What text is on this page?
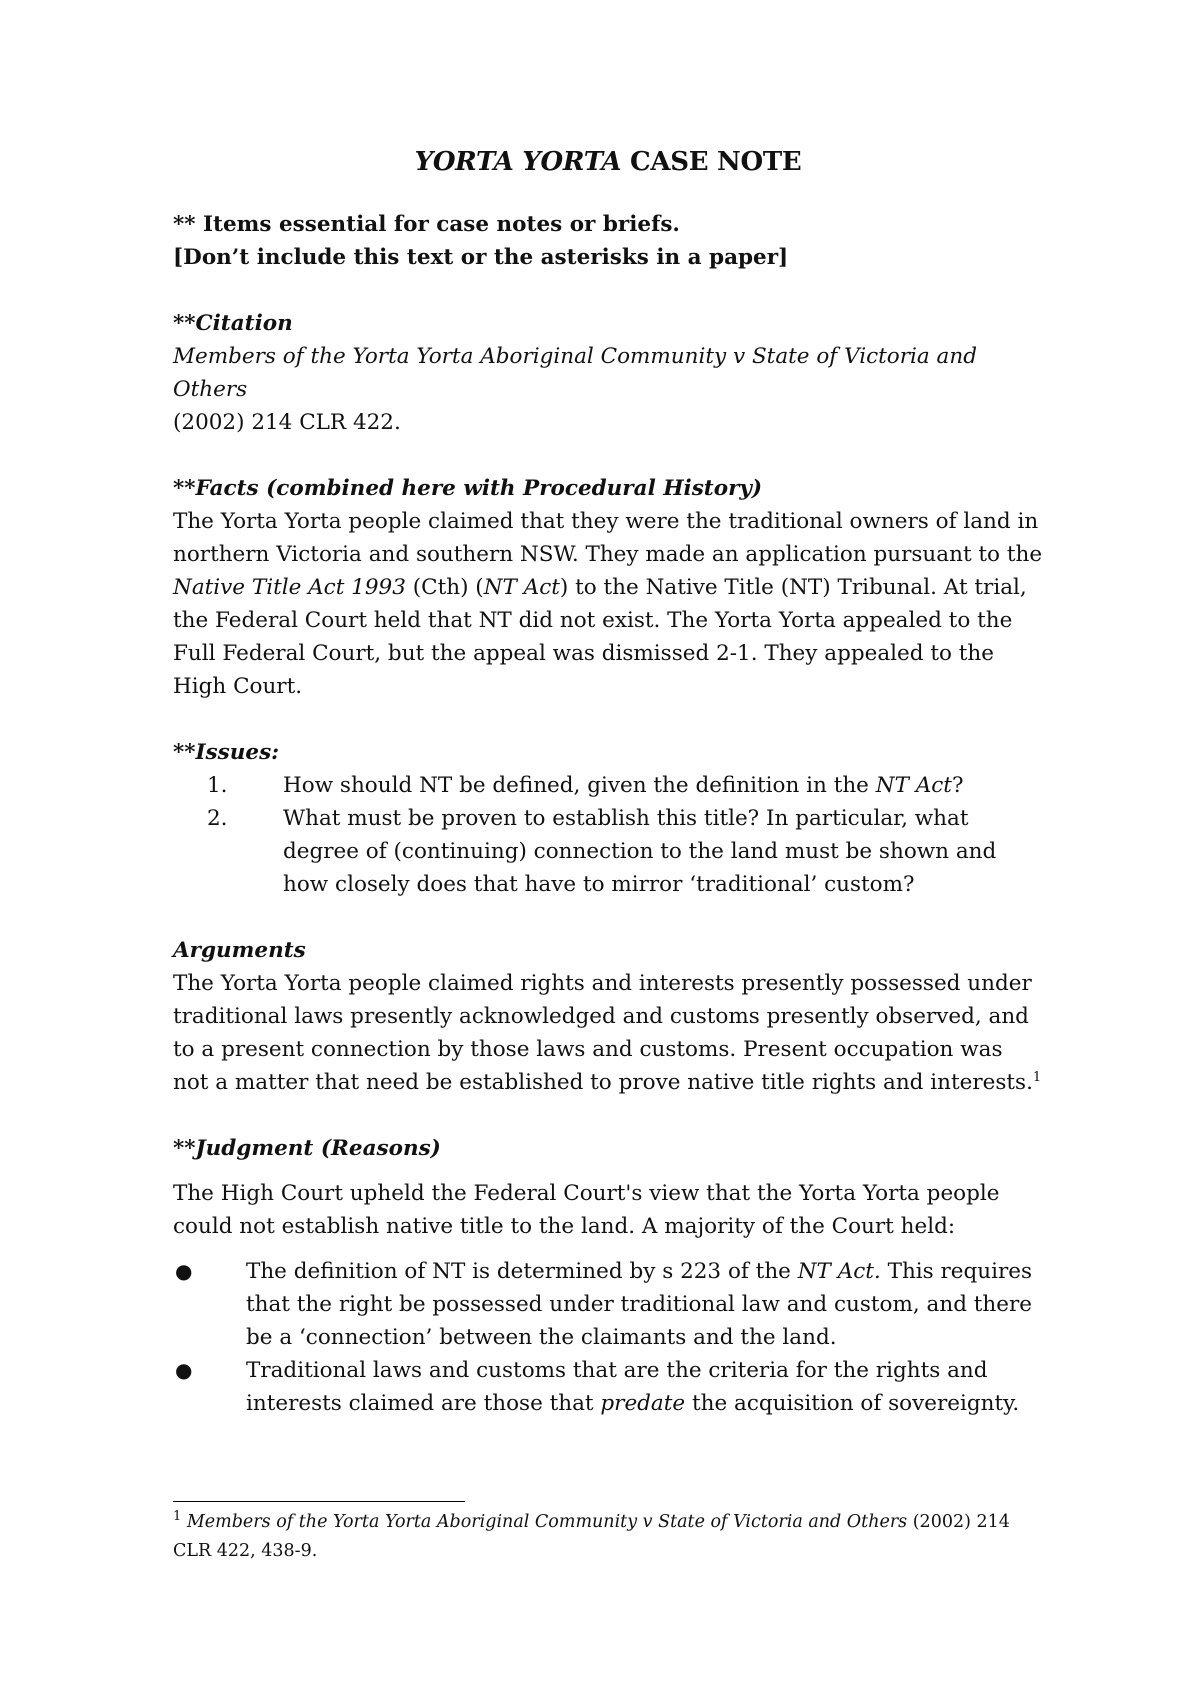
YORTA YORTA CASE NOTE
** Items essential for case notes or briefs.
[Don’t include this text or the asterisks in a paper]
**Citation
Members of the Yorta Yorta Aboriginal Community v State of Victoria and Others
(2002) 214 CLR 422.
**Facts (combined here with Procedural History)
The Yorta Yorta people claimed that they were the traditional owners of land in northern Victoria and southern NSW. They made an application pursuant to the Native Title Act 1993 (Cth) (NT Act) to the Native Title (NT) Tribunal. At trial, the Federal Court held that NT did not exist. The Yorta Yorta appealed to the Full Federal Court, but the appeal was dismissed 2-1. They appealed to the High Court.
**Issues:
1.	How should NT be defined, given the definition in the NT Act?
2.	What must be proven to establish this title? In particular, what degree of (continuing) connection to the land must be shown and how closely does that have to mirror ‘traditional’ custom?
Arguments
The Yorta Yorta people claimed rights and interests presently possessed under traditional laws presently acknowledged and customs presently observed, and to a present connection by those laws and customs. Present occupation was not a matter that need be established to prove native title rights and interests.$^1$
**Judgment (Reasons)
The High Court upheld the Federal Court's view that the Yorta Yorta people could not establish native title to the land. A majority of the Court held:
● The definition of NT is determined by s 223 of the NT Act. This requires that the right be possessed under traditional law and custom, and there be a ‘connection’ between the claimants and the land.
● Traditional laws and customs that are the criteria for the rights and interests claimed are those that predate the acquisition of sovereignty.
$^1$ Members of the Yorta Yorta Aboriginal Community v State of Victoria and Others (2002) 214 CLR 422, 438-9.
